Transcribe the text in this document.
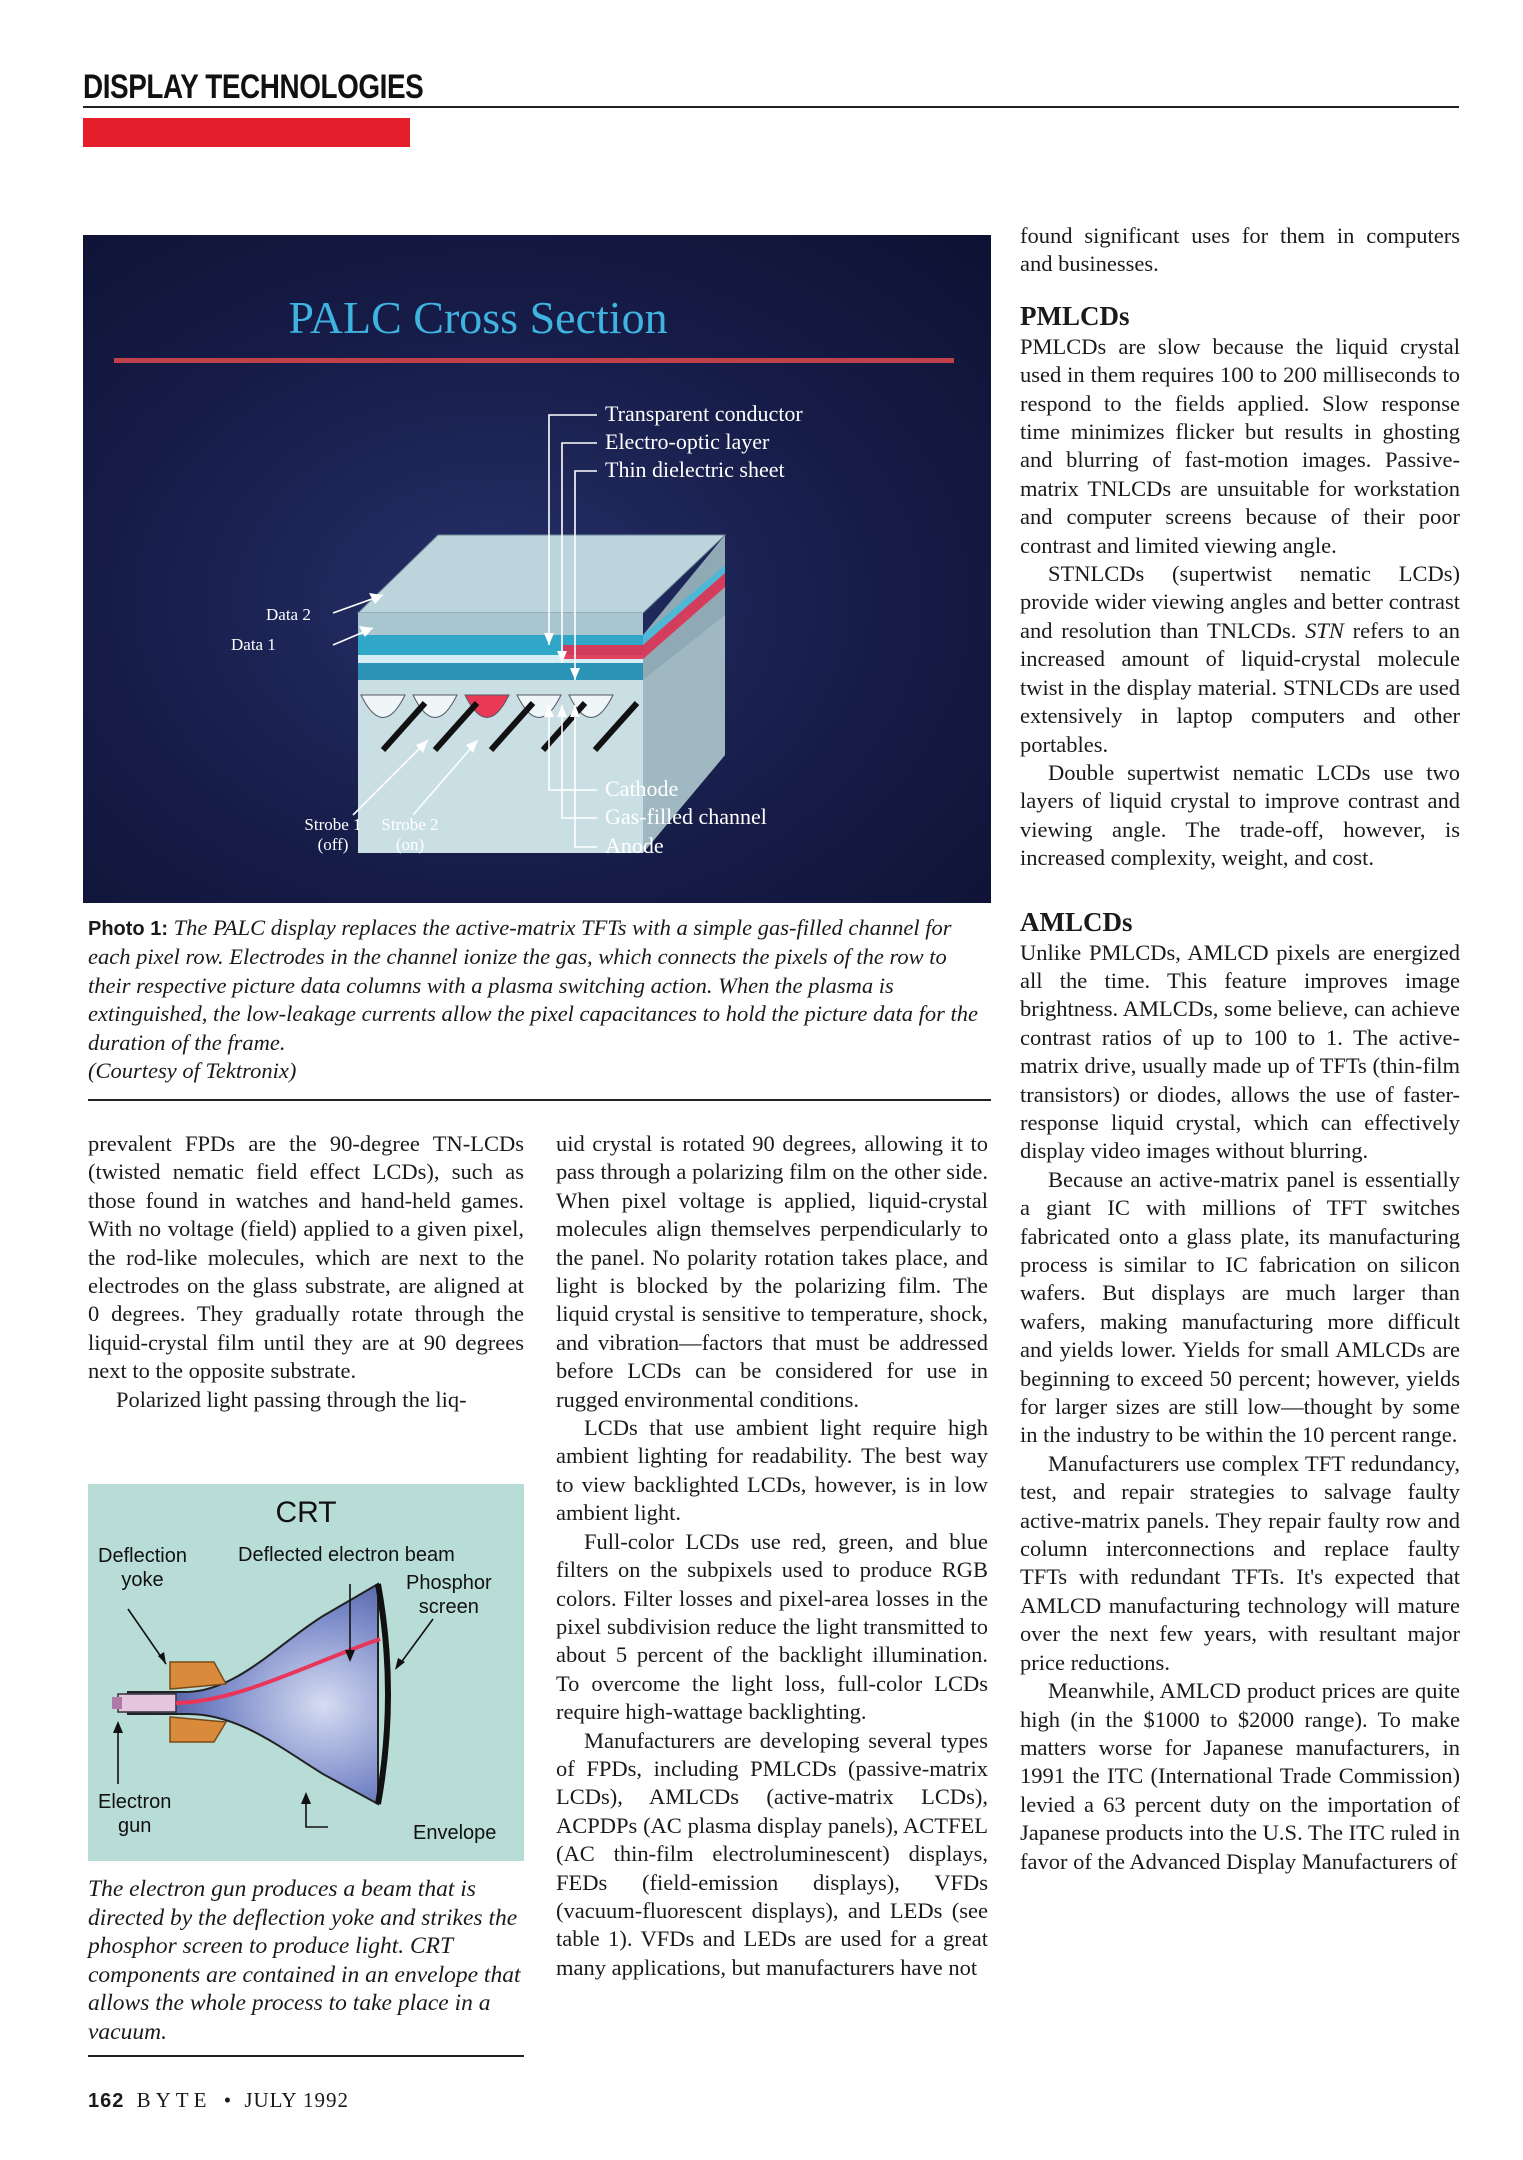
DISPLAY TECHNOLOGIES
PALC Cross Section
Transparent conductor
Electro-optic layer
Thin dielectric sheet
Cathode
Gas-filled channel
Anode
Data 2
Data 1
Strobe 1
(off)
Strobe 2
(on)
Photo 1: The PALC display replaces the active-matrix TFTs with a simple gas-filled channel for each pixel row. Electrodes in the channel ionize the gas, which connects the pixels of the row to their respective picture data columns with a plasma switching action. When the plasma is extinguished, the low-leakage currents allow the pixel capacitances to hold the picture data for the duration of the frame.
(Courtesy of Tektronix)

prevalent FPDs are the 90-degree TN-LCDs (twisted nematic field effect LCDs), such as those found in watches and hand-held games. With no voltage (field) applied to a given pixel, the rod-like molecules, which are next to the electrodes on the glass substrate, are aligned at 0 degrees. They gradually rotate through the liquid-crystal film until they are at 90 degrees next to the opposite substrate.

Polarized light passing through the liq-

CRT
Deflection
yoke
Deflected electron beam
Phosphor
screen
Electron
gun	Envelope
The electron gun produces a beam that is directed by the deflection yoke and strikes the phosphor screen to produce light. CRT components are contained in an envelope that allows the whole process to take place in a vacuum.

uid crystal is rotated 90 degrees, allowing it to pass through a polarizing film on the other side. When pixel voltage is applied, liquid-crystal molecules align themselves perpendicularly to the panel. No polarity rotation takes place, and light is blocked by the polarizing film. The liquid crystal is sensitive to temperature, shock, and vibration—factors that must be addressed before LCDs can be considered for use in rugged environmental conditions.

LCDs that use ambient light require high ambient lighting for readability. The best way to view backlighted LCDs, however, is in low ambient light.

Full-color LCDs use red, green, and blue filters on the subpixels used to produce RGB colors. Filter losses and pixel-area losses in the pixel subdivision reduce the light transmitted to about 5 percent of the backlight illumination. To overcome the light loss, full-color LCDs require high-wattage backlighting.

Manufacturers are developing several types of FPDs, including PMLCDs (passive-matrix LCDs), AMLCDs (active-matrix LCDs), ACPDPs (AC plasma display panels), ACTFEL (AC thin-film electroluminescent) displays, FEDs (field-emission displays), VFDs (vacuum-fluorescent displays), and LEDs (see table 1). VFDs and LEDs are used for a great many applications, but manufacturers have not

found significant uses for them in computers and businesses.

PMLCDs

PMLCDs are slow because the liquid crystal used in them requires 100 to 200 milliseconds to respond to the fields applied. Slow response time minimizes flicker but results in ghosting and blurring of fast-motion images. Passive-matrix TNLCDs are unsuitable for workstation and computer screens because of their poor contrast and limited viewing angle.

STNLCDs (supertwist nematic LCDs) provide wider viewing angles and better contrast and resolution than TNLCDs. STN refers to an increased amount of liquid-crystal molecule twist in the display material. STNLCDs are used extensively in laptop computers and other portables.

Double supertwist nematic LCDs use two layers of liquid crystal to improve contrast and viewing angle. The trade-off, however, is increased complexity, weight, and cost.

AMLCDs

Unlike PMLCDs, AMLCD pixels are energized all the time. This feature improves image brightness. AMLCDs, some believe, can achieve contrast ratios of up to 100 to 1. The active-matrix drive, usually made up of TFTs (thin-film transistors) or diodes, allows the use of faster-response liquid crystal, which can effectively display video images without blurring.

Because an active-matrix panel is essentially a giant IC with millions of TFT switches fabricated onto a glass plate, its manufacturing process is similar to IC fabrication on silicon wafers. But displays are much larger than wafers, making manufacturing more difficult and yields lower. Yields for small AMLCDs are beginning to exceed 50 percent; however, yields for larger sizes are still low—thought by some in the industry to be within the 10 percent range.

Manufacturers use complex TFT redundancy, test, and repair strategies to salvage faulty active-matrix panels. They repair faulty row and column interconnections and replace faulty TFTs with redundant TFTs. It's expected that AMLCD manufacturing technology will mature over the next few years, with resultant major price reductions.

Meanwhile, AMLCD product prices are quite high (in the $1000 to $2000 range). To make matters worse for Japanese manufacturers, in 1991 the ITC (International Trade Commission) levied a 63 percent duty on the importation of Japanese products into the U.S. The ITC ruled in favor of the Advanced Display Manufacturers of

162 BYTE • JULY 1992
